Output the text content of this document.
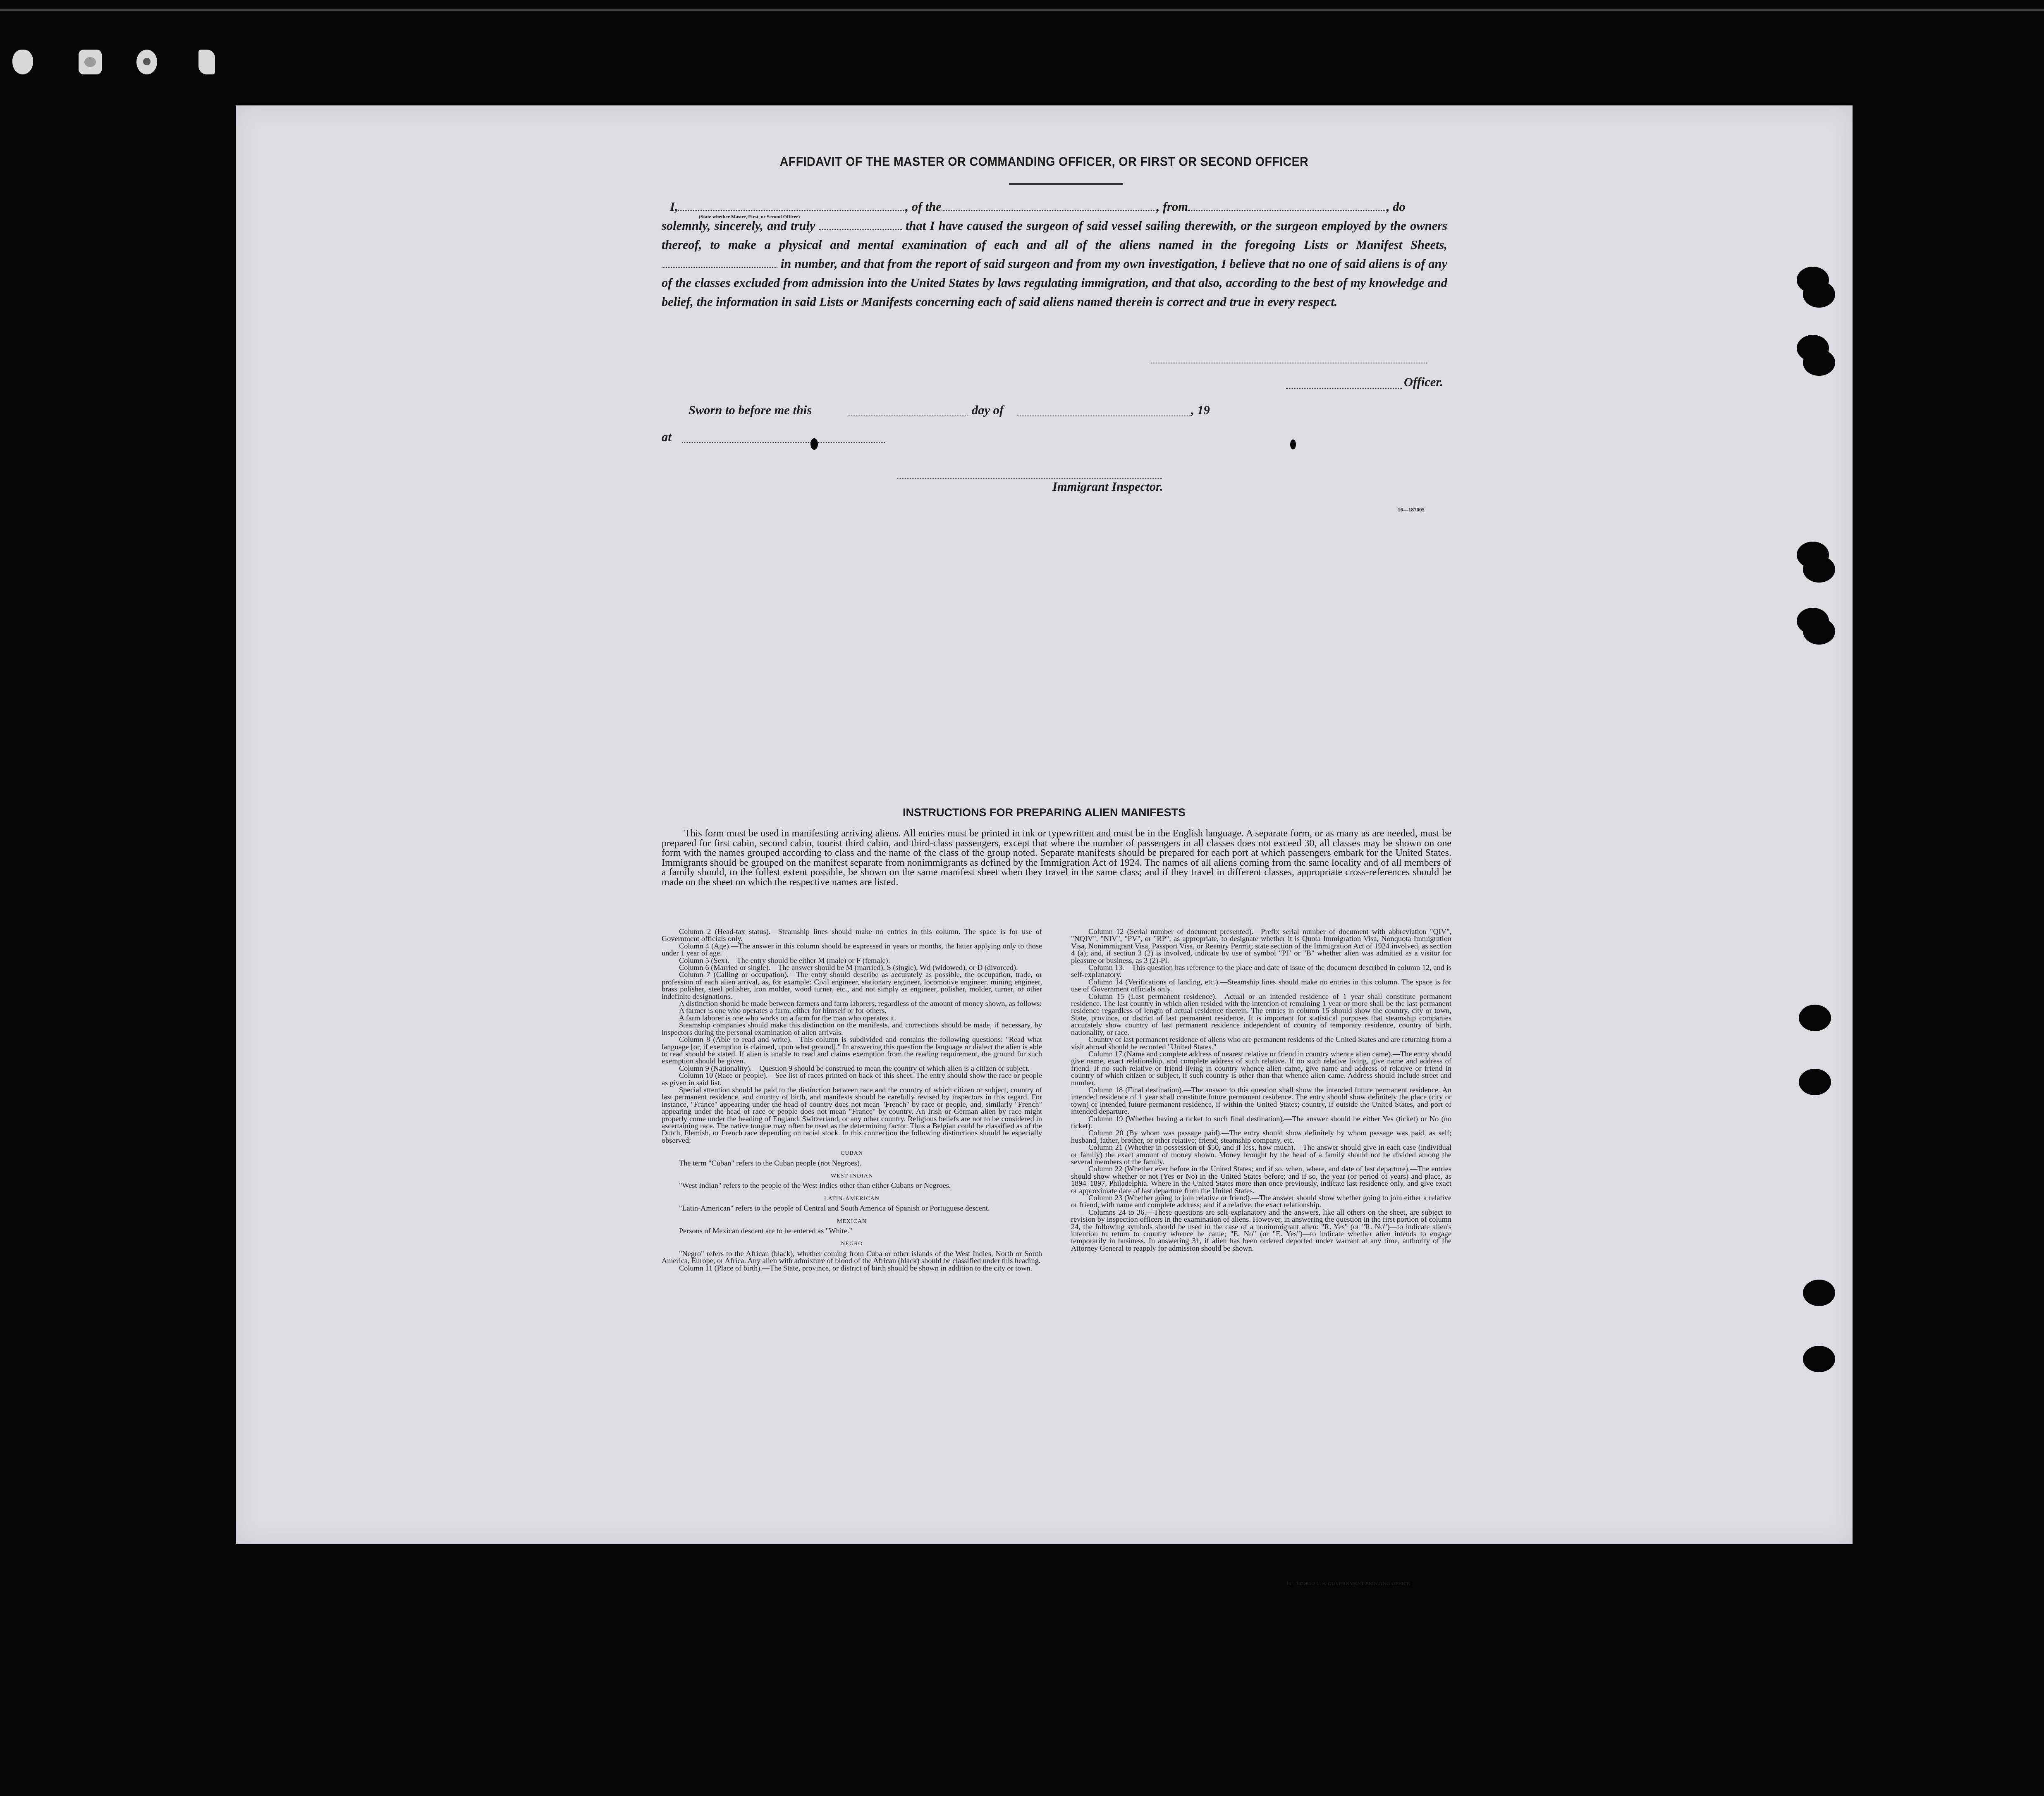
AFFIDAVIT OF THE MASTER OR COMMANDING OFFICER, OR FIRST OR SECOND OFFICER
I,	, of the	, from	, do
solemnly, sincerely, and truly	that I have caused the surgeon of said vessel sailing therewith, or the surgeon employed by the owners thereof, to make a physical and mental examination of each and all of the aliens named in the foregoing Lists or Manifest Sheets,  in number, and that from the report of said surgeon and from my own investigation, I believe that no one of said aliens is of any of the classes excluded from admission into the United States by laws regulating immigration, and that also, according to the best of my knowledge and belief, the information in said Lists or Manifests concerning each of said aliens named therein is correct and true in every respect.
(State whether Master, First, or Second Officer)
Officer.
Sworn to before me this	day of	, 19
at
Immigrant Inspector.
16—187005
INSTRUCTIONS FOR PREPARING ALIEN MANIFESTS
This form must be used in manifesting arriving aliens. All entries must be printed in ink or typewritten and must be in the English language. A separate form, or as many as are needed, must be prepared for first cabin, second cabin, tourist third cabin, and third-class passengers, except that where the number of passengers in all classes does not exceed 30, all classes may be shown on one form with the names grouped according to class and the name of the class of the group noted. Separate manifests should be prepared for each port at which passengers embark for the United States. Immigrants should be grouped on the manifest separate from nonimmigrants as defined by the Immigration Act of 1924. The names of all aliens coming from the same locality and of all members of a family should, to the fullest extent possible, be shown on the same manifest sheet when they travel in the same class; and if they travel in different classes, appropriate cross-references should be made on the sheet on which the respective names are listed.

Column 2 (Head-tax status).—Steamship lines should make no entries in this column. The space is for use of Government officials only.

Column 4 (Age).—The answer in this column should be expressed in years or months, the latter applying only to those under 1 year of age.

Column 5 (Sex).—The entry should be either M (male) or F (female).

Column 6 (Married or single).—The answer should be M (married), S (single), Wd (widowed), or D (divorced).

Column 7 (Calling or occupation).—The entry should describe as accurately as possible, the occupation, trade, or profession of each alien arrival, as, for example: Civil engineer, stationary engineer, locomotive engineer, mining engineer, brass polisher, steel polisher, iron molder, wood turner, etc., and not simply as engineer, polisher, molder, turner, or other indefinite designations.

A distinction should be made between farmers and farm laborers, regardless of the amount of money shown, as follows:

A farmer is one who operates a farm, either for himself or for others.

A farm laborer is one who works on a farm for the man who operates it.

Steamship companies should make this distinction on the manifests, and corrections should be made, if necessary, by inspectors during the personal examination of alien arrivals.

Column 8 (Able to read and write).—This column is subdivided and contains the following questions: "Read what language [or, if exemption is claimed, upon what ground]." In answering this question the language or dialect the alien is able to read should be stated. If alien is unable to read and claims exemption from the reading requirement, the ground for such exemption should be given.

Column 9 (Nationality).—Question 9 should be construed to mean the country of which alien is a citizen or subject.

Column 10 (Race or people).—See list of races printed on back of this sheet. The entry should show the race or people as given in said list.

Special attention should be paid to the distinction between race and the country of which citizen or subject, country of last permanent residence, and country of birth, and manifests should be carefully revised by inspectors in this regard. For instance, "France" appearing under the head of country does not mean "French" by race or people, and, similarly "French" appearing under the head of race or people does not mean "France" by country. An Irish or German alien by race might properly come under the heading of England, Switzerland, or any other country. Religious beliefs are not to be considered in ascertaining race. The native tongue may often be used as the determining factor. Thus a Belgian could be classified as of the Dutch, Flemish, or French race depending on racial stock. In this connection the following distinctions should be especially observed:

CUBAN

The term "Cuban" refers to the Cuban people (not Negroes).

WEST INDIAN

"West Indian" refers to the people of the West Indies other than either Cubans or Negroes.

LATIN-AMERICAN

"Latin-American" refers to the people of Central and South America of Spanish or Portuguese descent.

MEXICAN

Persons of Mexican descent are to be entered as "White."

NEGRO

"Negro" refers to the African (black), whether coming from Cuba or other islands of the West Indies, North or South America, Europe, or Africa. Any alien with admixture of blood of the African (black) should be classified under this heading.

Column 11 (Place of birth).—The State, province, or district of birth should be shown in addition to the city or town.

Column 12 (Serial number of document presented).—Prefix serial number of document with abbreviation "QIV", "NQIV", "NIV", "PV", or "RP", as appropriate, to designate whether it is Quota Immigration Visa, Nonquota Immigration Visa, Nonimmigrant Visa, Passport Visa, or Reentry Permit; state section of the Immigration Act of 1924 involved, as section 4 (a); and, if section 3 (2) is involved, indicate by use of symbol "Pl" or "B" whether alien was admitted as a visitor for pleasure or business, as 3 (2)-Pl.

Column 13.—This question has reference to the place and date of issue of the document described in column 12, and is self-explanatory.

Column 14 (Verifications of landing, etc.).—Steamship lines should make no entries in this column. The space is for use of Government officials only.

Column 15 (Last permanent residence).—Actual or an intended residence of 1 year shall constitute permanent residence. The last country in which alien resided with the intention of remaining 1 year or more shall be the last permanent residence regardless of length of actual residence therein. The entries in column 15 should show the country, city or town, State, province, or district of last permanent residence. It is important for statistical purposes that steamship companies accurately show country of last permanent residence independent of country of temporary residence, country of birth, nationality, or race.

Country of last permanent residence of aliens who are permanent residents of the United States and are returning from a visit abroad should be recorded "United States."

Column 17 (Name and complete address of nearest relative or friend in country whence alien came).—The entry should give name, exact relationship, and complete address of such relative. If no such relative living, give name and address of friend. If no such relative or friend living in country whence alien came, give name and address of relative or friend in country of which citizen or subject, if such country is other than that whence alien came. Address should include street and number.

Column 18 (Final destination).—The answer to this question shall show the intended future permanent residence. An intended residence of 1 year shall constitute future permanent residence. The entry should show definitely the place (city or town) of intended future permanent residence, if within the United States; country, if outside the United States, and port of intended departure.

Column 19 (Whether having a ticket to such final destination).—The answer should be either Yes (ticket) or No (no ticket).

Column 20 (By whom was passage paid).—The entry should show definitely by whom passage was paid, as self; husband, father, brother, or other relative; friend; steamship company, etc.

Column 21 (Whether in possession of $50, and if less, how much).—The answer should give in each case (individual or family) the exact amount of money shown. Money brought by the head of a family should not be divided among the several members of the family.

Column 22 (Whether ever before in the United States; and if so, when, where, and date of last departure).—The entries should show whether or not (Yes or No) in the United States before; and if so, the year (or period of years) and place, as 1894–1897, Philadelphia. Where in the United States more than once previously, indicate last residence only, and give exact or approximate date of last departure from the United States.

Column 23 (Whether going to join relative or friend).—The answer should show whether going to join either a relative or friend, with name and complete address; and if a relative, the exact relationship.

Columns 24 to 36.—These questions are self-explanatory and the answers, like all others on the sheet, are subject to revision by inspection officers in the examination of aliens. However, in answering the question in the first portion of column 24, the following symbols should be used in the case of a nonimmigrant alien: "R. Yes" (or "R. No")—to indicate alien's intention to return to country whence he came; "E. No" (or "E. Yes")—to indicate whether alien intends to engage temporarily in business. In answering 31, if alien has been ordered deported under warrant at any time, authority of the Attorney General to reapply for admission should be shown.

16—187005-2 U. S. GOVERNMENT PRINTING OFFICE
